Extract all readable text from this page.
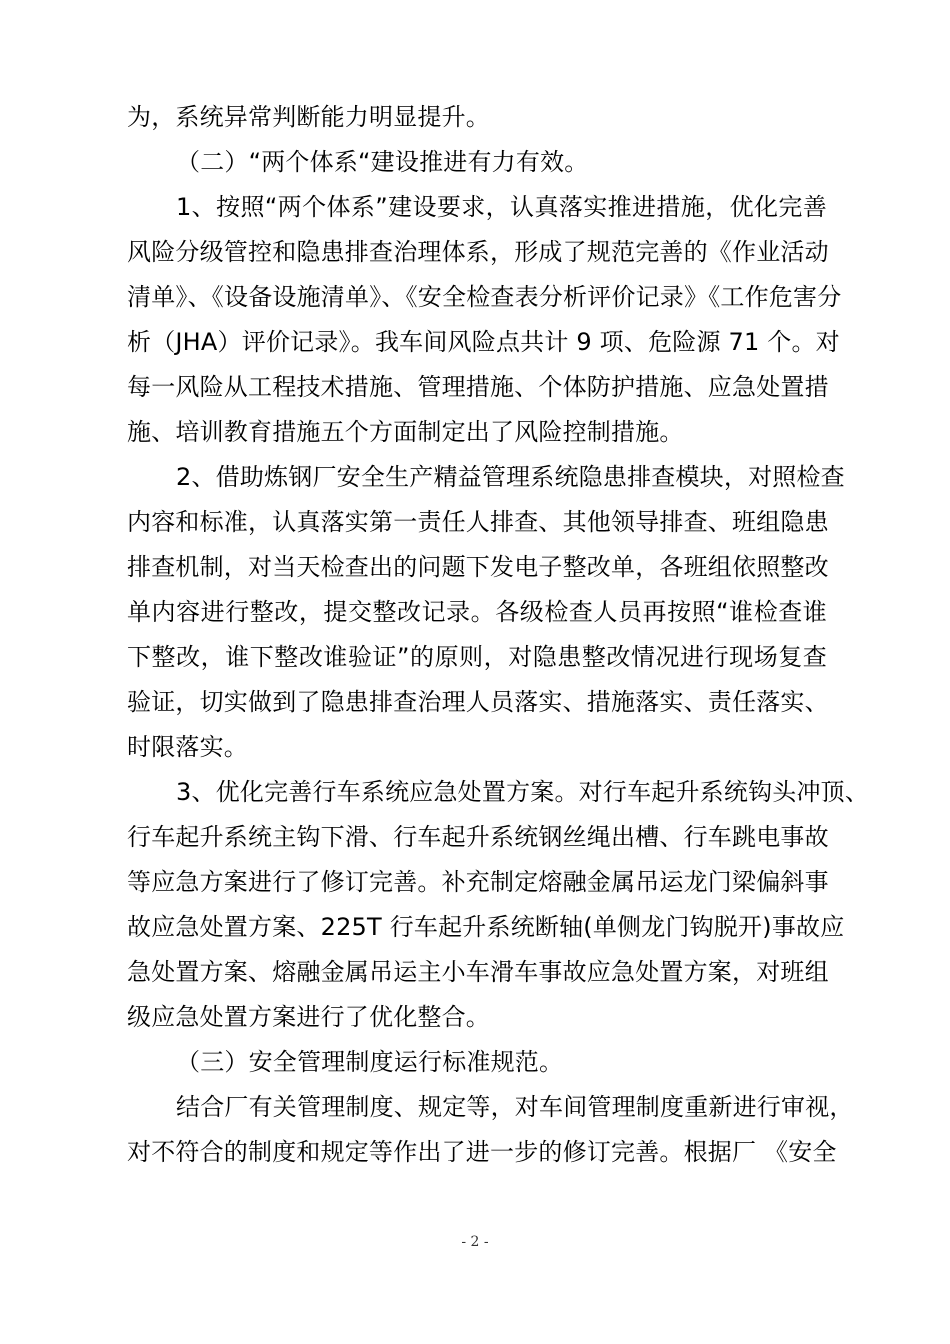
为，系统异常判断能力明显提升。
（二）“两个体系“建设推进有力有效。
1、按照“两个体系”建设要求，认真落实推进措施，优化完善
风险分级管控和隐患排查治理体系，形成了规范完善的《作业活动
清单》、《设备设施清单》、《安全检查表分析评价记录》《工作危害分
析（JHA）评价记录》。我车间风险点共计 9 项、危险源 71 个。对
每一风险从工程技术措施、管理措施、个体防护措施、应急处置措
施、培训教育措施五个方面制定出了风险控制措施。
2、借助炼钢厂安全生产精益管理系统隐患排查模块，对照检查
内容和标准，认真落实第一责任人排查、其他领导排查、班组隐患
排查机制，对当天检查出的问题下发电子整改单，各班组依照整改
单内容进行整改，提交整改记录。各级检查人员再按照“谁检查谁
下整改，谁下整改谁验证”的原则，对隐患整改情况进行现场复查
验证，切实做到了隐患排查治理人员落实、措施落实、责任落实、
时限落实。
3、优化完善行车系统应急处置方案。对行车起升系统钩头冲顶、
行车起升系统主钩下滑、行车起升系统钢丝绳出槽、行车跳电事故
等应急方案进行了修订完善。补充制定熔融金属吊运龙门梁偏斜事
故应急处置方案、225T 行车起升系统断轴(单侧龙门钩脱开)事故应
急处置方案、熔融金属吊运主小车滑车事故应急处置方案，对班组
级应急处置方案进行了优化整合。
（三）安全管理制度运行标准规范。
结合厂有关管理制度、规定等，对车间管理制度重新进行审视，
对不符合的制度和规定等作出了进一步的修订完善。根据厂 《安全
- 2 -
